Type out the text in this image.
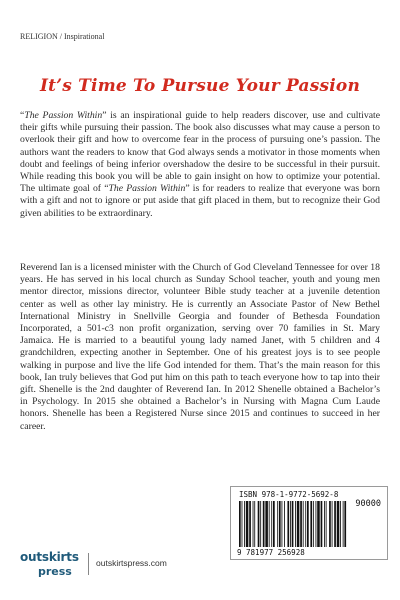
RELIGION / Inspirational
It’s Time To Pursue Your Passion

“The Passion Within” is an inspirational guide to help readers discover, use and cultivate their gifts while pursuing their passion. The book also discusses what may cause a person to overlook their gift and how to overcome fear in the process of pursuing one’s passion. The authors want the readers to know that God always sends a motivator in those moments when doubt and feelings of being inferior overshadow the desire to be successful in their pursuit. While reading this book you will be able to gain insight on how to optimize your potential. The ultimate goal of “The Passion Within” is for readers to realize that everyone was born with a gift and not to ignore or put aside that gift placed in them, but to recognize their God given abilities to be extraordinary.

Reverend Ian is a licensed minister with the Church of God Cleveland Tennessee for over 18 years. He has served in his local church as Sunday School teacher, youth and young men mentor director, missions director, volunteer Bible study teacher at a juvenile detention center as well as other lay ministry. He is currently an Associate Pastor of New Bethel International Ministry in Snellville Georgia and founder of Bethesda Foundation Incorporated, a 501-c3 non profit organization, serving over 70 families in St. Mary Jamaica. He is married to a beautiful young lady named Janet, with 5 children and 4 grandchildren, expecting another in September. One of his greatest joys is to see people walking in purpose and live the life God intended for them. That’s the main reason for this book, Ian truly believes that God put him on this path to teach everyone how to tap into their gift. Shenelle is the 2nd daughter of Reverend Ian. In 2012 Shenelle obtained a Bachelor’s in Psychology. In 2015 she obtained a Bachelor’s in Nursing with Magna Cum Laude honors. Shenelle has been a Registered Nurse since 2015 and continues to succeed in her career.

ISBN 978-1-9772-5692-8
90000
9 781977 256928
outskirts
press
outskirtspress.com
